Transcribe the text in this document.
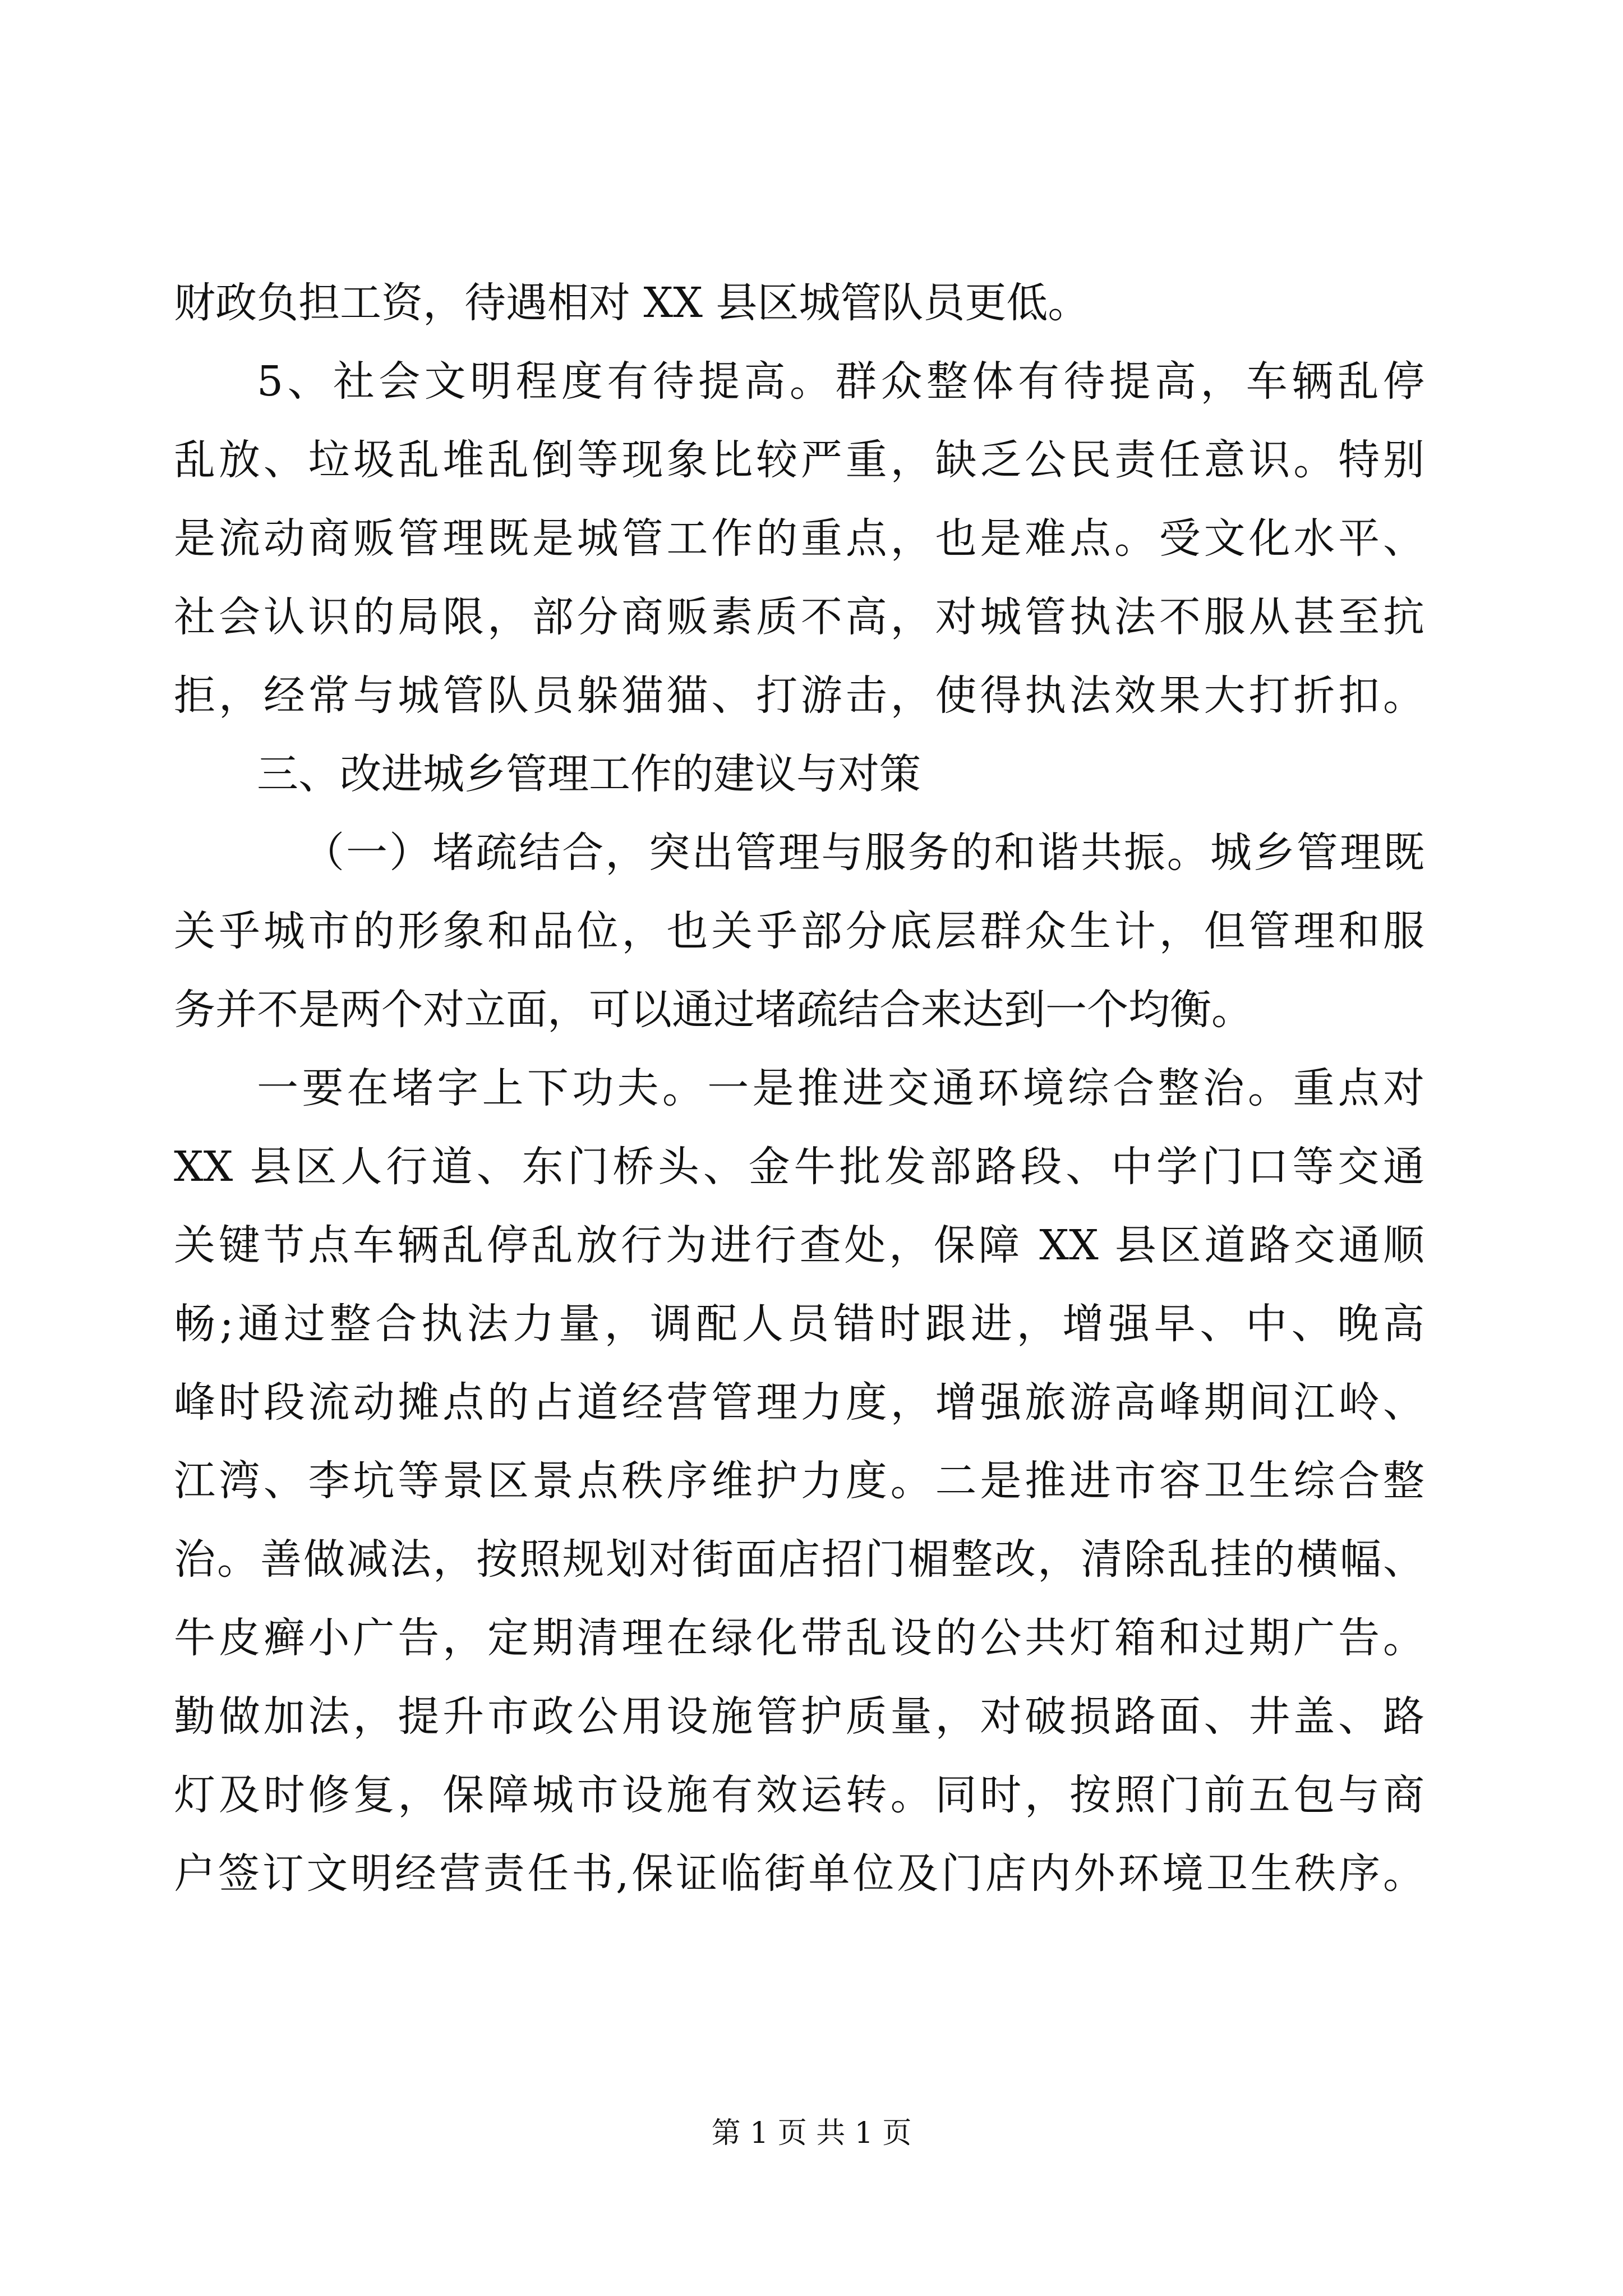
财政负担工资，待遇相对 XX 县区城管队员更低。
5、社会文明程度有待提高。群众整体有待提高，车辆乱停
乱放、垃圾乱堆乱倒等现象比较严重，缺乏公民责任意识。特别
是流动商贩管理既是城管工作的重点，也是难点。受文化水平、
社会认识的局限，部分商贩素质不高，对城管执法不服从甚至抗
拒，经常与城管队员躲猫猫、打游击，使得执法效果大打折扣。
三、改进城乡管理工作的建议与对策
（一）堵疏结合，突出管理与服务的和谐共振。城乡管理既
关乎城市的形象和品位，也关乎部分底层群众生计，但管理和服
务并不是两个对立面，可以通过堵疏结合来达到一个均衡。
一要在堵字上下功夫。一是推进交通环境综合整治。重点对
XX 县区人行道、东门桥头、金牛批发部路段、中学门口等交通
关键节点车辆乱停乱放行为进行查处，保障 XX 县区道路交通顺
畅;通过整合执法力量，调配人员错时跟进，增强早、中、晚高
峰时段流动摊点的占道经营管理力度，增强旅游高峰期间江岭、
江湾、李坑等景区景点秩序维护力度。二是推进市容卫生综合整
治。善做减法，按照规划对街面店招门楣整改，清除乱挂的横幅、
牛皮癣小广告，定期清理在绿化带乱设的公共灯箱和过期广告。
勤做加法，提升市政公用设施管护质量，对破损路面、井盖、路
灯及时修复，保障城市设施有效运转。同时，按照门前五包与商
户签订文明经营责任书,保证临街单位及门店内外环境卫生秩序。
第 1 页 共 1 页
